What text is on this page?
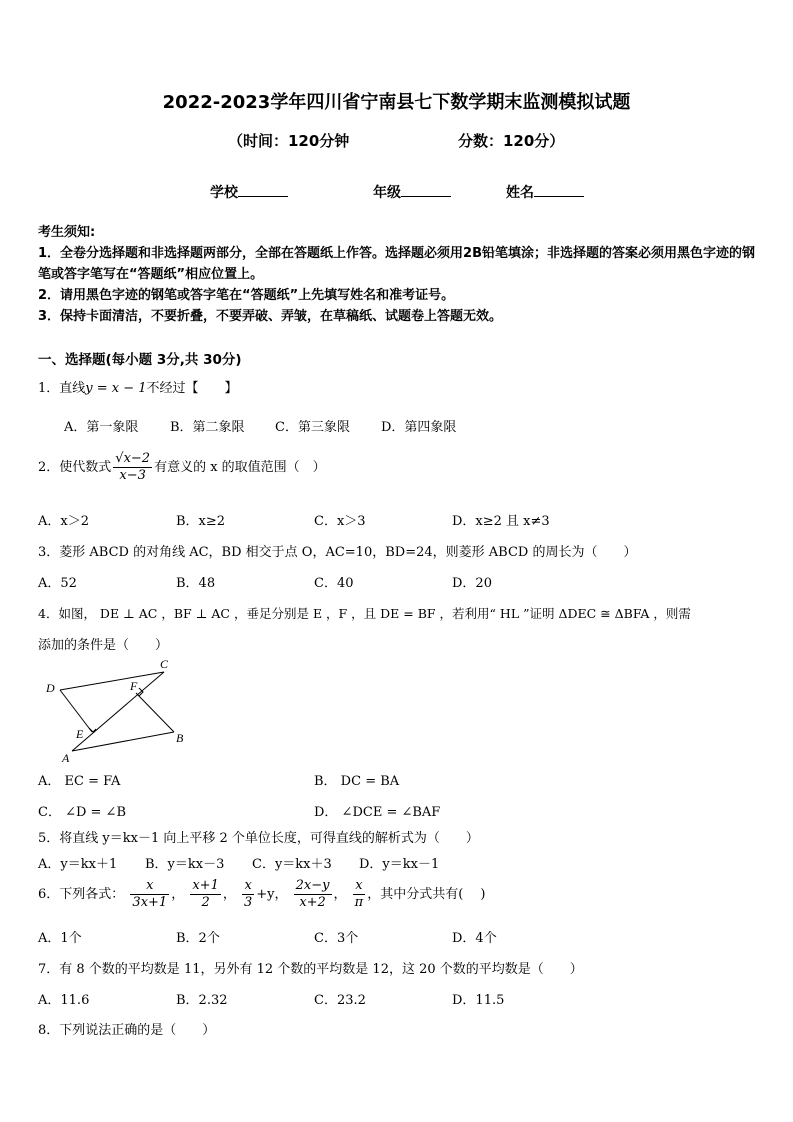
2022-2023学年四川省宁南县七下数学期末监测模拟试题
（时间：120分钟	分数：120分）
学校	年级	姓名
考生须知:
1．全卷分选择题和非选择题两部分，全部在答题纸上作答。选择题必须用2B铅笔填涂；非选择题的答案必须用黑色字迹的钢笔或答字笔写在“答题纸”相应位置上。
2．请用黑色字迹的钢笔或答字笔在“答题纸”上先填写姓名和准考证号。
3．保持卡面清洁，不要折叠，不要弄破、弄皱，在草稿纸、试题卷上答题无效。
一、选择题(每小题 3分,共 30分)
1．直线y = x − 1不经过【　　】
A．第一象限 B．第二象限 C．第三象限 D．第四象限
2．使代数式 $\frac{√x-2}{x-3}$ 有意义的 x 的取值范围（　）
A．x＞2	B．x≥2	C．x＞3	D．x≥2 且 x≠3
3．菱形 ABCD 的对角线 AC，BD 相交于点 O，AC=10，BD=24，则菱形 ABCD 的周长为（　　）
A．52	B．48	C．40	D．20
4．如图， DE ⊥ AC ，BF ⊥ AC ，垂足分别是 E ，F ，且 DE = BF ，若利用“ HL ”证明 ΔDEC ≅ ΔBFA ，则需
添加的条件是（　　）
C
D	F
E
A
B
A． EC = FA	B． DC = BA
C． ∠D = ∠B	D． ∠DCE = ∠BAF
5．将直线 y＝kx－1 向上平移 2 个单位长度，可得直线的解析式为（　　）
A．y＝kx＋1 B．y＝kx－3 C．y＝kx＋3 D．y＝kx－1
6．下列各式： $\frac{x}{3x+1}$ ， $\frac{x+1}{2}$ ， $\frac{x}{3} +y$， $\frac{2x-y}{x+2}$ ， $\frac{x}{\pi}$ ，其中分式共有(　 )
A．1个	B．2个	C．3个	D．4个
7．有 8 个数的平均数是 11，另外有 12 个数的平均数是 12，这 20 个数的平均数是（　　）
A．11.6	B．2.32	C．23.2	D．11.5
8．下列说法正确的是（　　）
